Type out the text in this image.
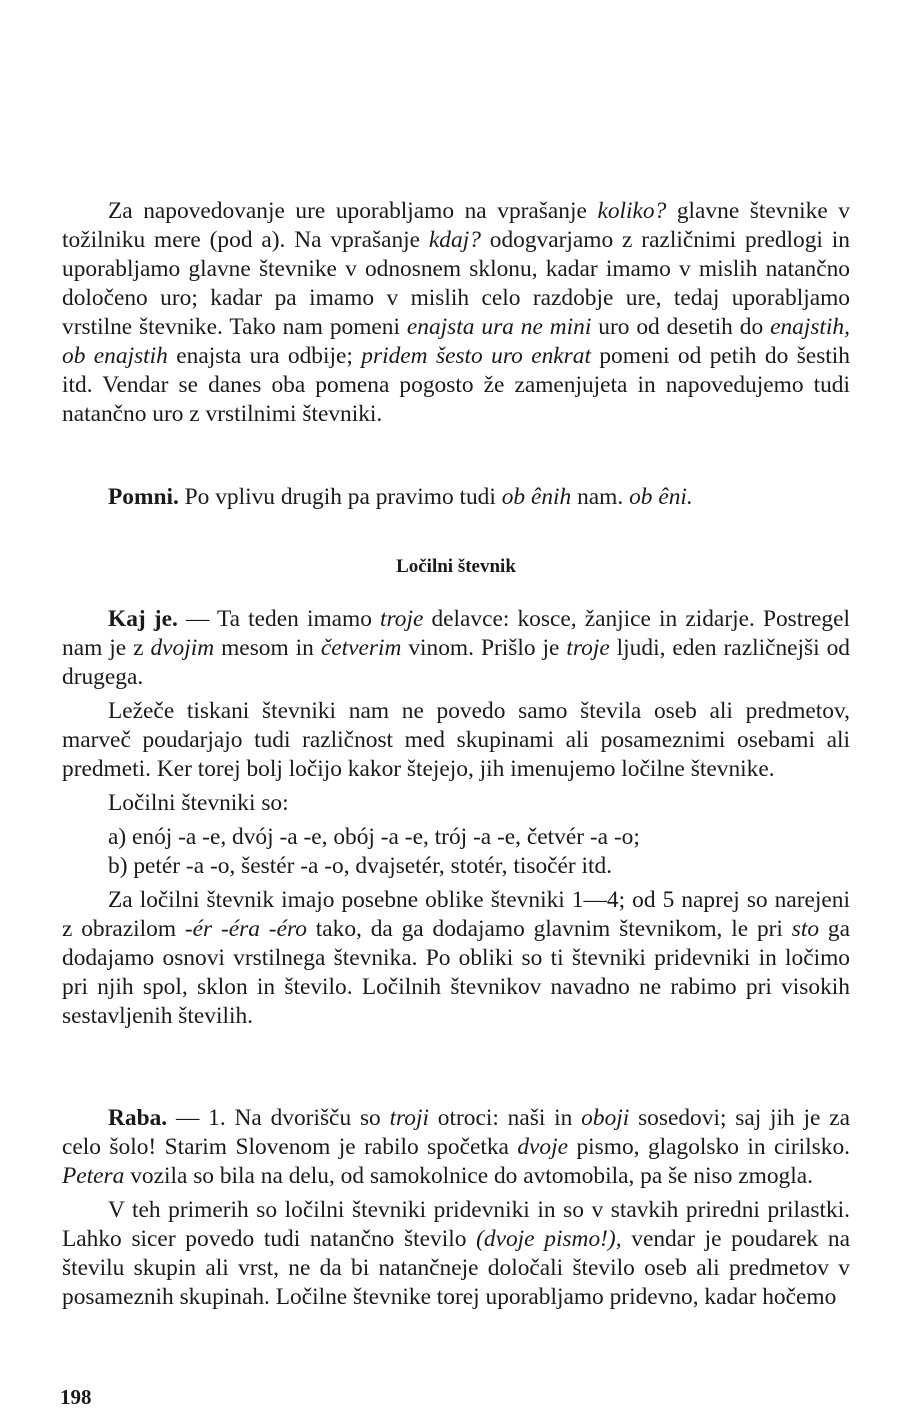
Za napovedovanje ure uporabljamo na vprašanje koliko? glavne števnike v tožilniku mere (pod a). Na vprašanje kdaj? odogvarjamo z različnimi predlogi in uporabljamo glavne števnike v odnosnem sklonu, kadar imamo v mislih natančno določeno uro; kadar pa imamo v mislih celo razdobje ure, tedaj uporabljamo vrstilne števnike. Tako nam pomeni enajsta ura ne mini uro od desetih do enajstih, ob enajstih enajsta ura odbije; pridem šesto uro enkrat pomeni od petih do šestih itd. Vendar se danes oba pomena pogosto že zamenjujeta in napovedujemo tudi natančno uro z vrstilnimi števniki.

Pomni. Po vplivu drugih pa pravimo tudi ob ênih nam. ob êni.

Ločilni števnik

Kaj je. — Ta teden imamo troje delavce: kosce, žanjice in zidarje. Postregel nam je z dvojim mesom in četverim vinom. Prišlo je troje ljudi, eden različnejši od drugega.

Ležeče tiskani števniki nam ne povedo samo števila oseb ali predmetov, marveč poudarjajo tudi različnost med skupinami ali posameznimi osebami ali predmeti. Ker torej bolj ločijo kakor štejejo, jih imenujemo ločilne števnike.

Ločilni števniki so:

a) enój -a -e, dvój -a -e, obój -a -e, trój -a -e, četvér -a -o;

b) petér -a -o, šestér -a -o, dvajsetér, stotér, tisočér itd.

Za ločilni števnik imajo posebne oblike števniki 1—4; od 5 naprej so narejeni z obrazilom -ér -éra -éro tako, da ga dodajamo glavnim števnikom, le pri sto ga dodajamo osnovi vrstilnega števnika. Po obliki so ti števniki pridevniki in ločimo pri njih spol, sklon in število. Ločilnih števnikov navadno ne rabimo pri visokih sestavljenih številih.

Raba. — 1. Na dvorišču so troji otroci: naši in oboji sosedovi; saj jih je za celo šolo! Starim Slovenom je rabilo spočetka dvoje pismo, glagolsko in cirilsko. Petera vozila so bila na delu, od samokolnice do avtomobila, pa še niso zmogla.

V teh primerih so ločilni števniki pridevniki in so v stavkih priredni prilastki. Lahko sicer povedo tudi natančno število (dvoje pismo!), vendar je poudarek na številu skupin ali vrst, ne da bi natančneje določali število oseb ali predmetov v posameznih skupinah. Ločilne števnike torej uporabljamo pridevno, kadar hočemo

198
